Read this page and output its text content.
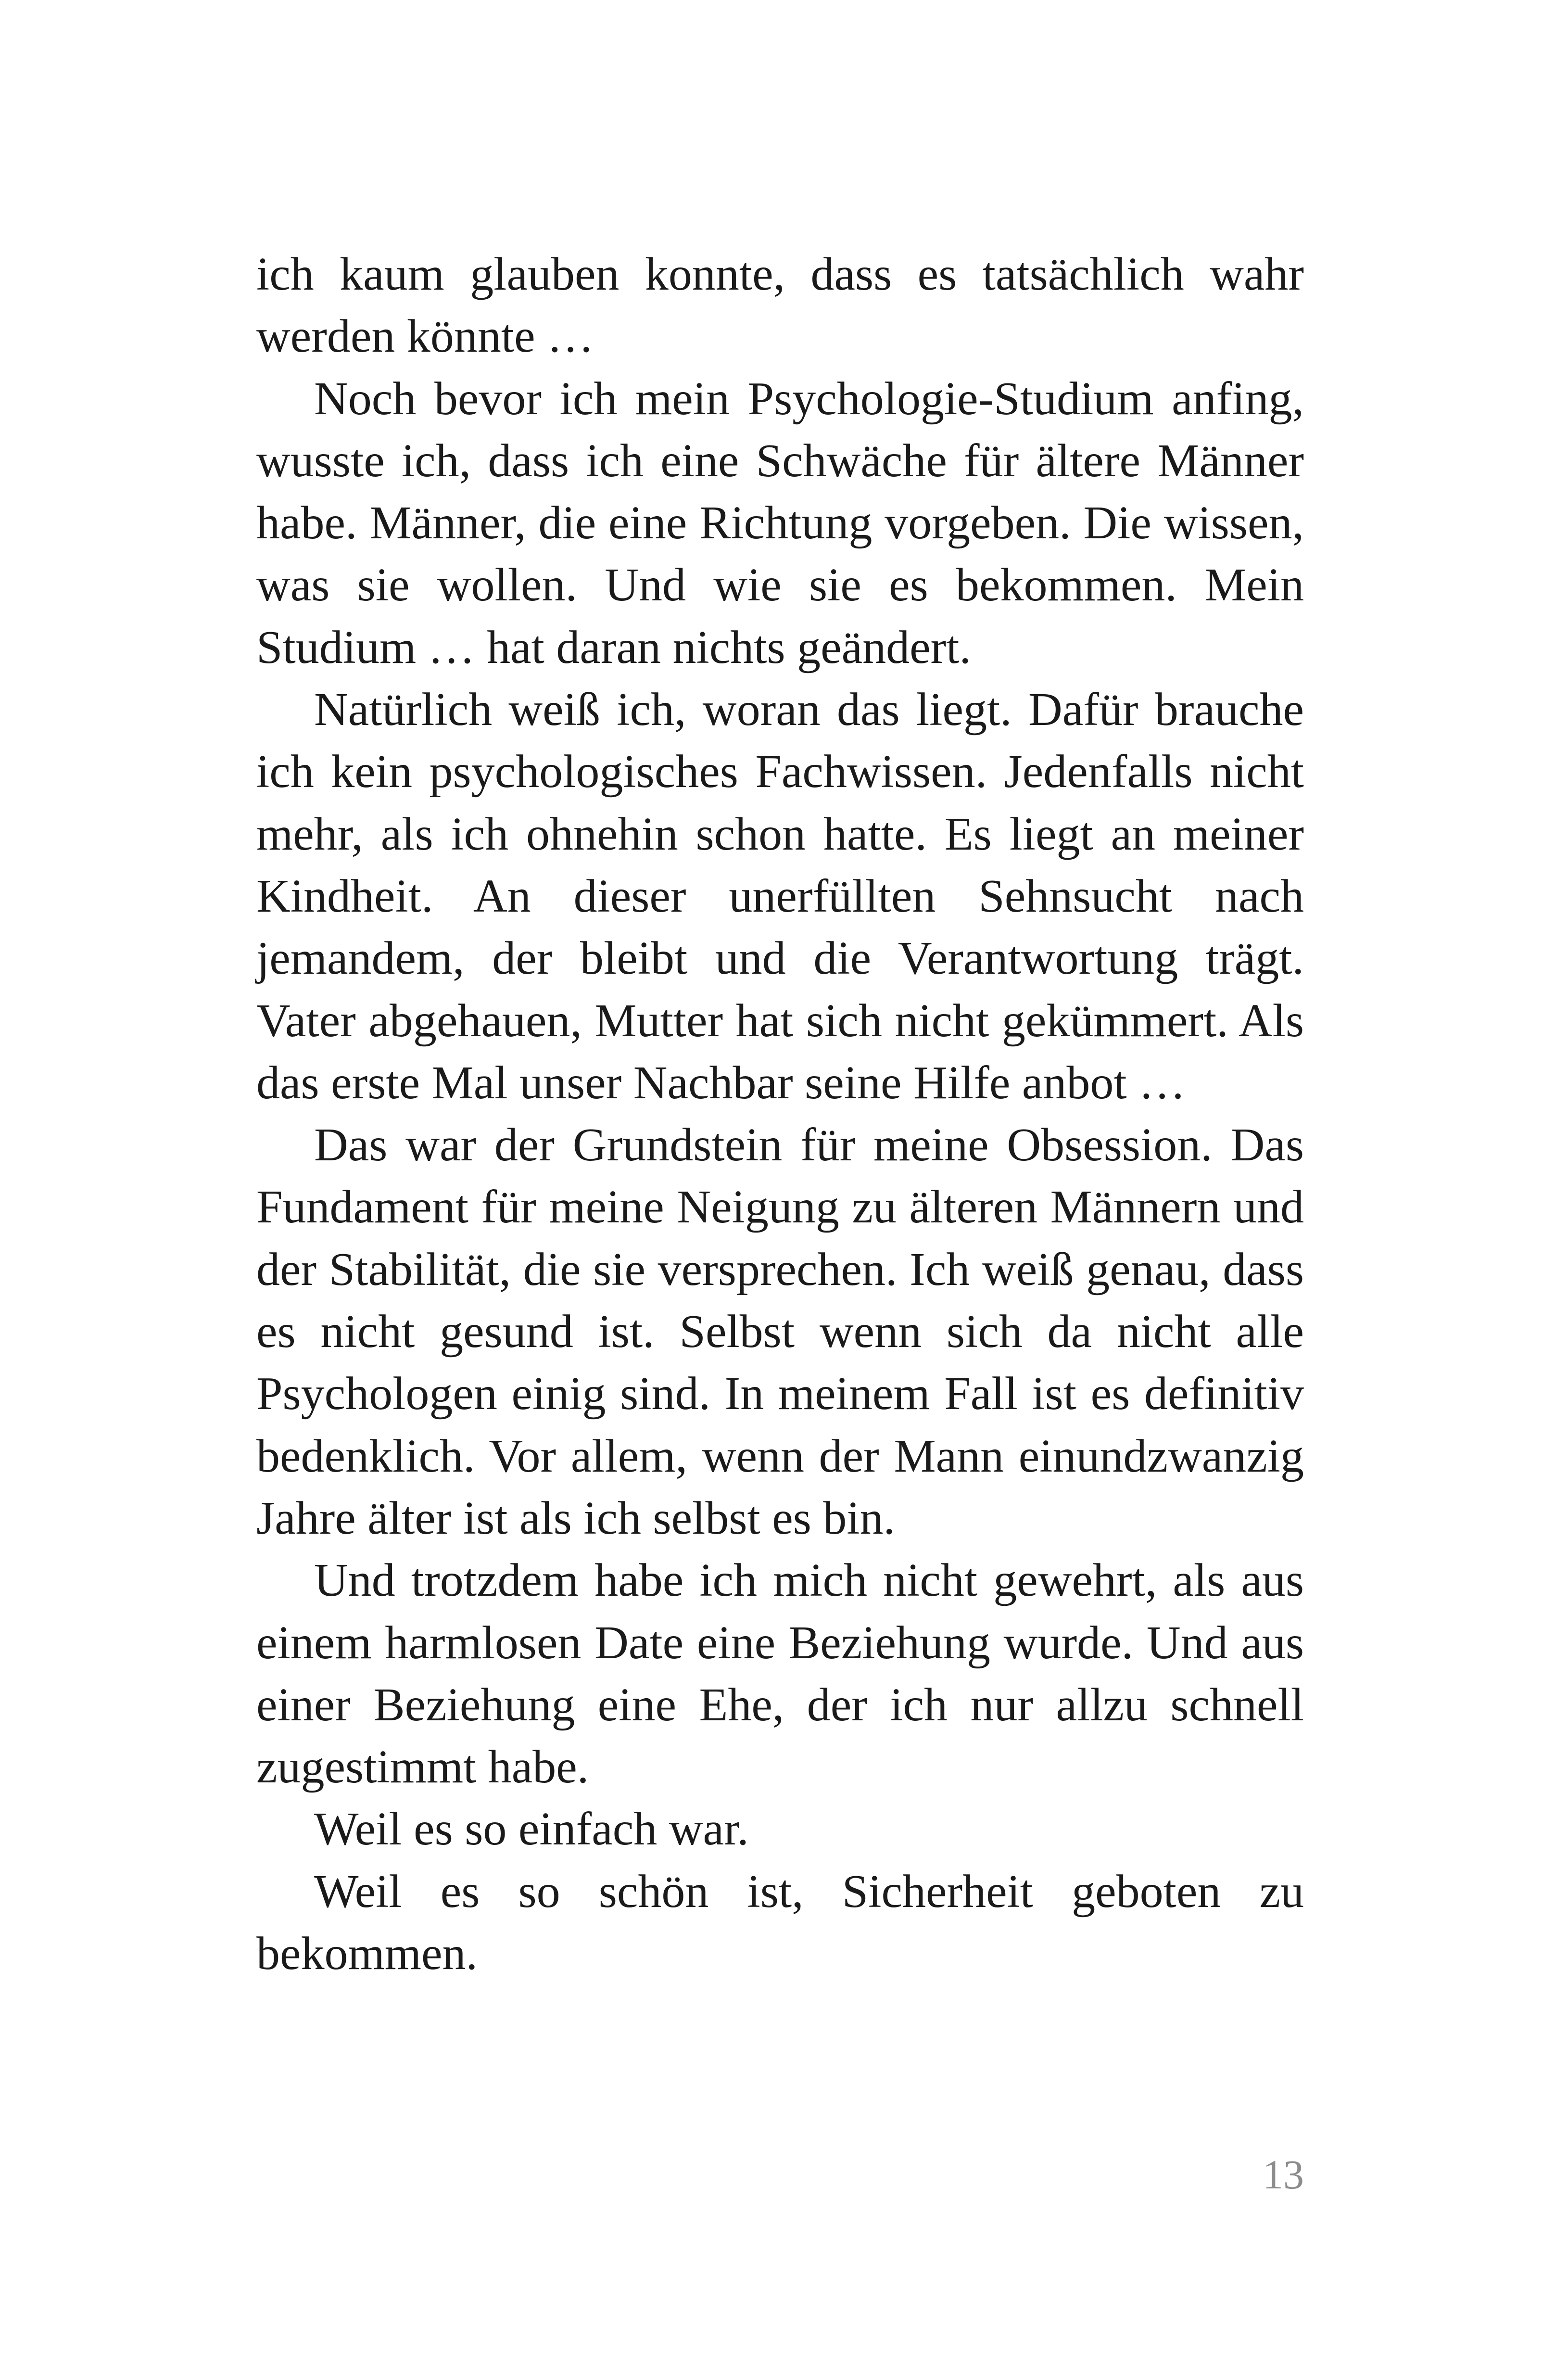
ich kaum glauben konnte, dass es tatsächlich wahr werden könnte …

Noch bevor ich mein Psychologie-Studium anfing, wusste ich, dass ich eine Schwäche für ältere Männer habe. Männer, die eine Richtung vorgeben. Die wissen, was sie wollen. Und wie sie es bekommen. Mein Studium … hat daran nichts geändert.

Natürlich weiß ich, woran das liegt. Dafür brauche ich kein psychologisches Fachwissen. Jedenfalls nicht mehr, als ich ohnehin schon hatte. Es liegt an meiner Kindheit. An dieser unerfüllten Sehnsucht nach jemandem, der bleibt und die Verantwortung trägt. Vater abgehauen, Mutter hat sich nicht gekümmert. Als das erste Mal unser Nachbar seine Hilfe anbot …

Das war der Grundstein für meine Obsession. Das Fundament für meine Neigung zu älteren Männern und der Stabilität, die sie versprechen. Ich weiß genau, dass es nicht gesund ist. Selbst wenn sich da nicht alle Psychologen einig sind. In meinem Fall ist es definitiv bedenklich. Vor allem, wenn der Mann einundzwanzig Jahre älter ist als ich selbst es bin.

Und trotzdem habe ich mich nicht gewehrt, als aus einem harmlosen Date eine Beziehung wurde. Und aus einer Beziehung eine Ehe, der ich nur allzu schnell zugestimmt habe.

Weil es so einfach war.

Weil es so schön ist, Sicherheit geboten zu bekommen.

13
